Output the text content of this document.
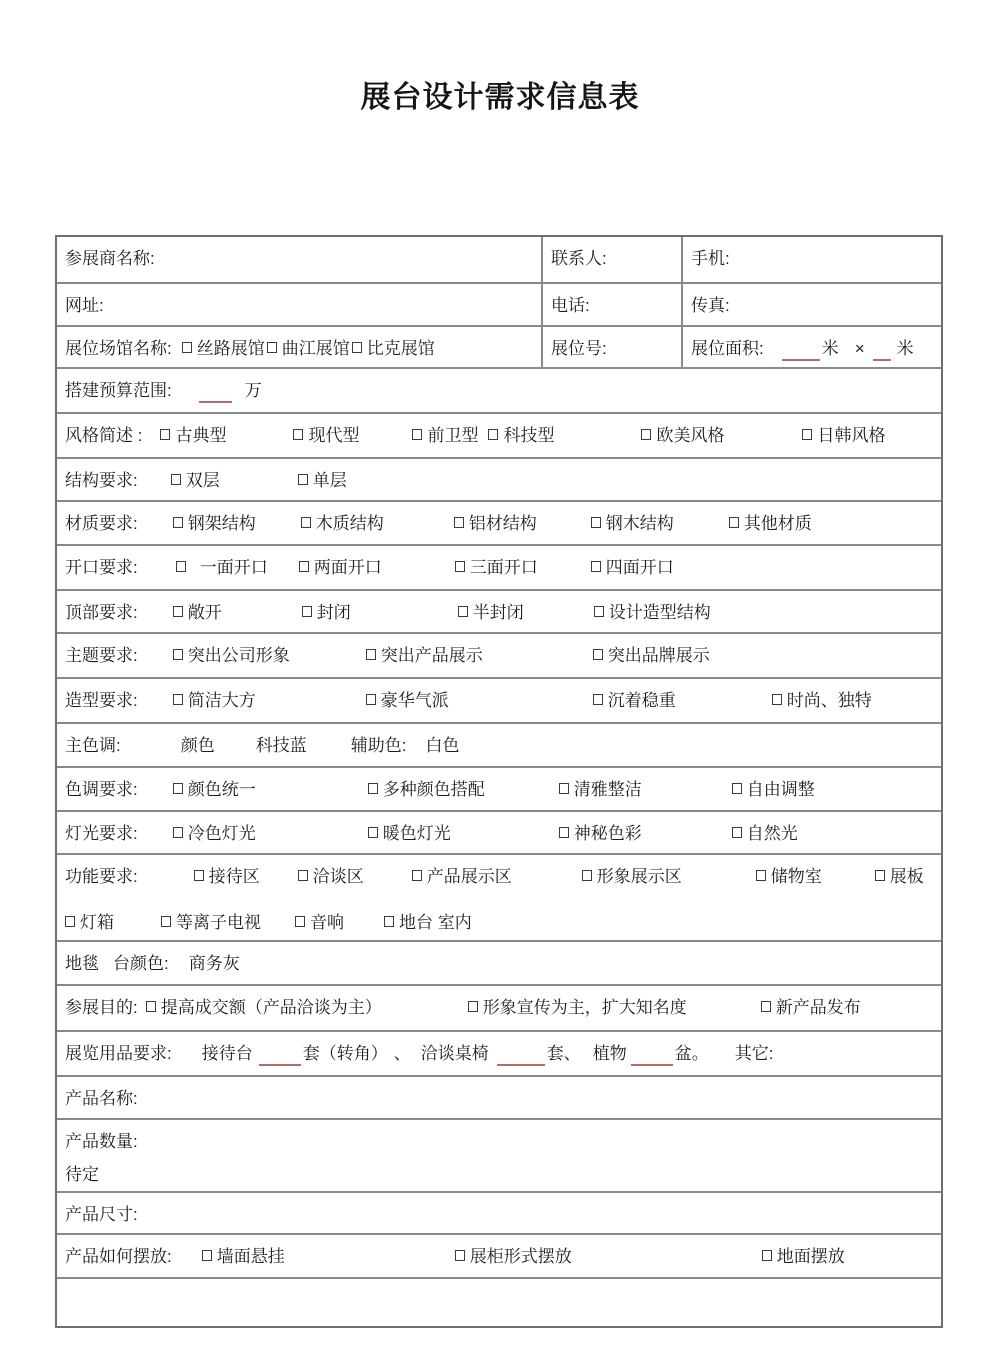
展台设计需求信息表
参展商名称:	联系人:	手机:
网址:	电话:	传真:
展位场馆名称: 丝路展馆 曲江展馆 比克展馆	展位号:	展位面积:	米 × 米
搭建预算范围:	万
风格简述 : 古典型	现代型	前卫型 科技型	欧美风格	日韩风格
结构要求:	双层	单层
材质要求:	钢架结构	木质结构	铝材结构	钢木结构	其他材质
开口要求:	一面开口	两面开口	三面开口	四面开口
顶部要求:	敞开	封闭	半封闭	设计造型结构
主题要求:	突出公司形象	突出产品展示	突出品牌展示
造型要求:	简洁大方	豪华气派	沉着稳重	时尚、独特
主色调:	颜色 科技蓝	辅助色: 白色
色调要求:	颜色统一	多种颜色搭配	清雅整洁	自由调整
灯光要求:	冷色灯光	暖色灯光	神秘色彩	自然光
功能要求:	接待区	洽谈区	产品展示区	形象展示区	储物室	展板
灯箱	等离子电视	音响	地台 室内
地毯 台颜色: 商务灰
参展目的: 提高成交额（产品洽谈为主）	形象宣传为主，扩大知名度	新产品发布
展览用品要求: 接待台	套（转角） 、 洽谈桌椅	套、 植物	盆。 其它:
产品名称:
产品数量:
待定
产品尺寸:
产品如何摆放:	墙面悬挂	展柜形式摆放	地面摆放
